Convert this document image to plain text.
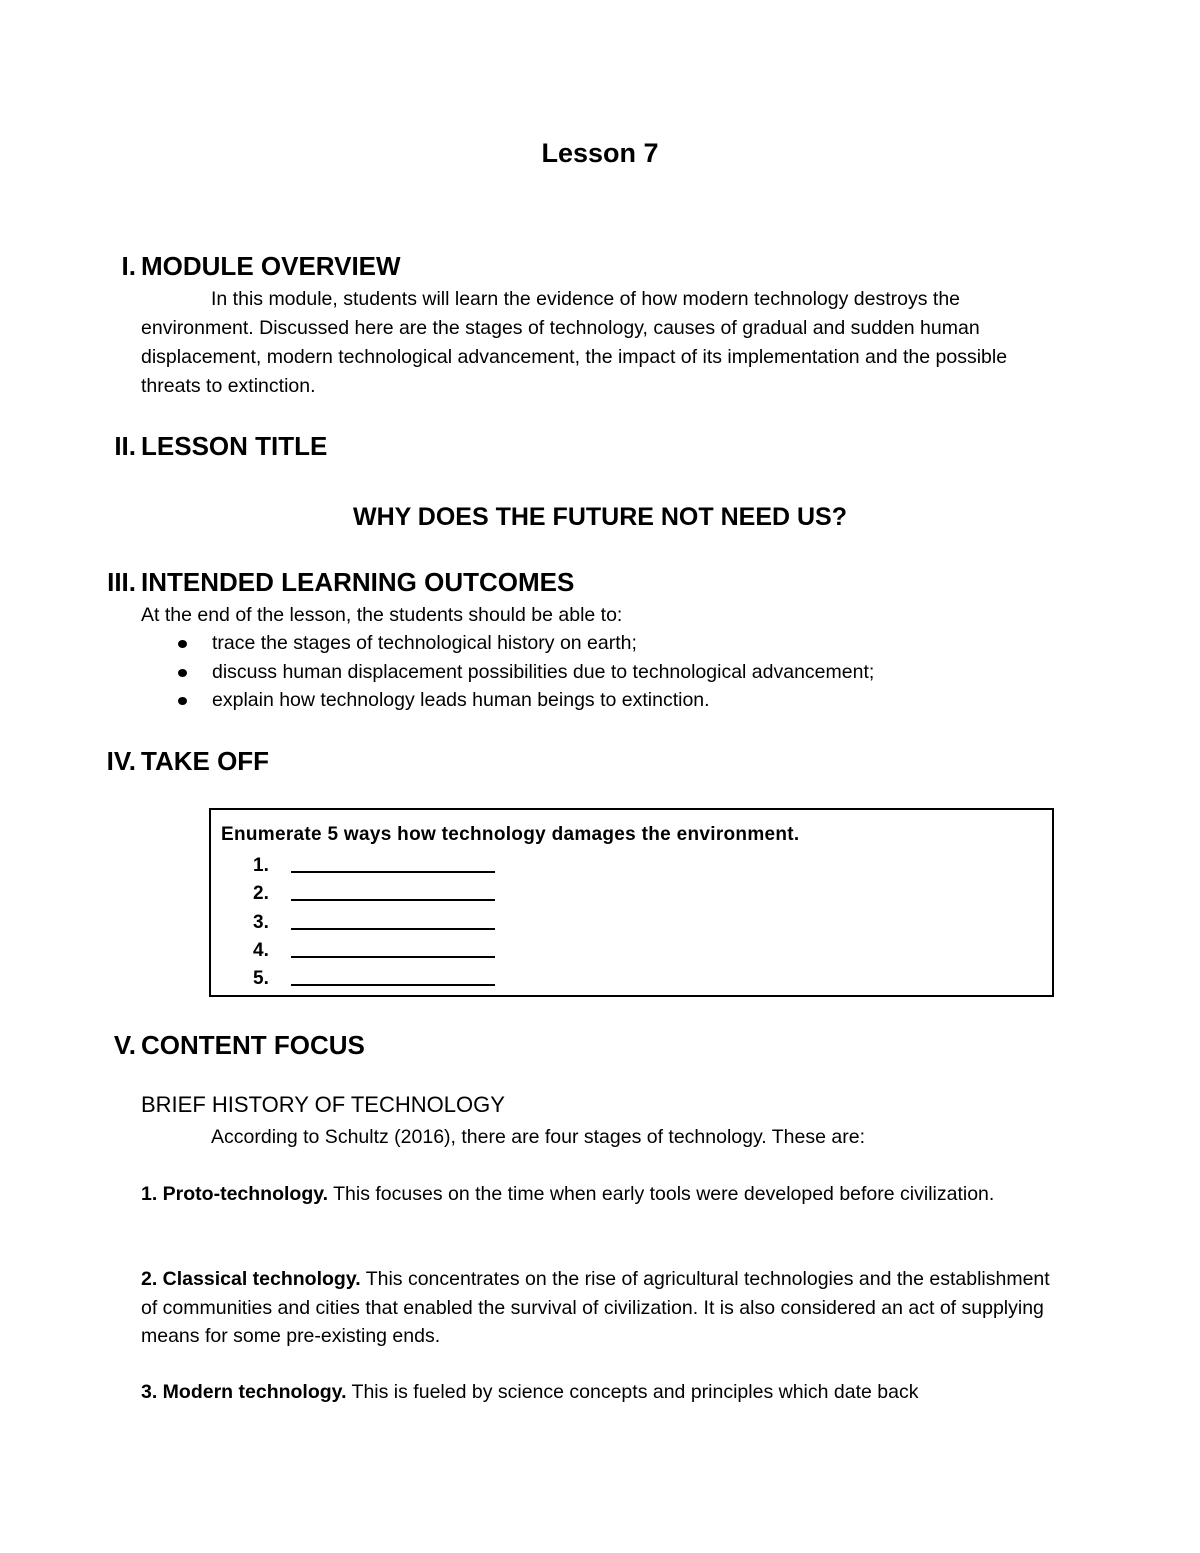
Lesson 7
I. MODULE OVERVIEW
In this module, students will learn the evidence of how modern technology destroys the environment. Discussed here are the stages of technology, causes of gradual and sudden human displacement, modern technological advancement, the impact of its implementation and the possible threats to extinction.
II. LESSON TITLE
WHY DOES THE FUTURE NOT NEED US?
III. INTENDED LEARNING OUTCOMES
At the end of the lesson, the students should be able to:
trace the stages of technological history on earth;
discuss human displacement possibilities due to technological advancement;
explain how technology leads human beings to extinction.
IV. TAKE OFF
Enumerate 5 ways how technology damages the environment.
1.
2.
3.
4.
5.
V. CONTENT FOCUS
BRIEF HISTORY OF TECHNOLOGY
According to Schultz (2016), there are four stages of technology. These are:
1. Proto-technology. This focuses on the time when early tools were developed before civilization.
2. Classical technology. This concentrates on the rise of agricultural technologies and the establishment of communities and cities that enabled the survival of civilization. It is also considered an act of supplying means for some pre-existing ends.
3. Modern technology. This is fueled by science concepts and principles which date back
